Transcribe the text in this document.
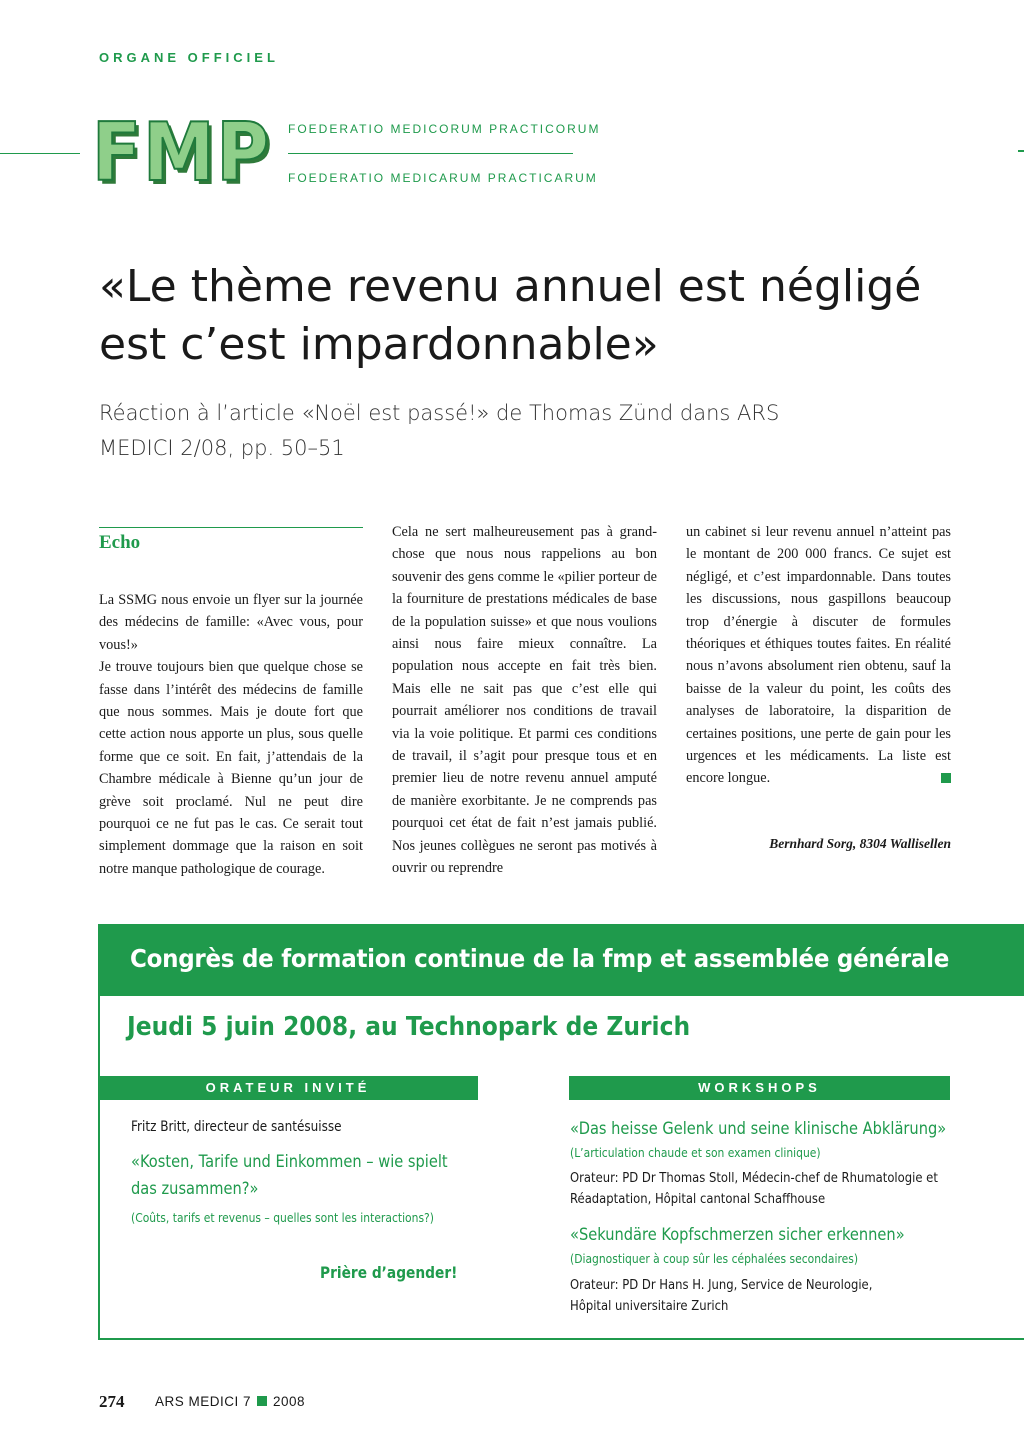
ORGANE OFFICIEL
FMP FOEDERATIO MEDICORUM PRACTICORUM
FOEDERATIO MEDICARUM PRACTICARUM
«Le thème revenu annuel est négligé est c’est impardonnable»
Réaction à l’article «Noël est passé!» de Thomas Zünd dans ARS MEDICI 2/08, pp. 50–51
Echo

La SSMG nous envoie un flyer sur la journée des médecins de famille: «Avec vous, pour vous!»

Je trouve toujours bien que quelque chose se fasse dans l’intérêt des médecins de famille que nous sommes. Mais je doute fort que cette action nous apporte un plus, sous quelle forme que ce soit. En fait, j’attendais de la Chambre médicale à Bienne qu’un jour de grève soit proclamé. Nul ne peut dire pourquoi ce ne fut pas le cas. Ce serait tout simplement dommage que la raison en soit notre manque pathologique de courage.

Cela ne sert malheureusement pas à grand-chose que nous nous rappelions au bon souvenir des gens comme le «pilier porteur de la fourniture de prestations médicales de base de la population suisse» et que nous voulions ainsi nous faire mieux connaître. La population nous accepte en fait très bien. Mais elle ne sait pas que c’est elle qui pourrait améliorer nos conditions de travail via la voie politique. Et parmi ces conditions de travail, il s’agit pour presque tous et en premier lieu de notre revenu annuel amputé de manière exorbitante. Je ne comprends pas pourquoi cet état de fait n’est jamais publié. Nos jeunes collègues ne seront pas motivés à ouvrir ou reprendre

un cabinet si leur revenu annuel n’atteint pas le montant de 200 000 francs. Ce sujet est négligé, et c’est impardonnable. Dans toutes les discussions, nous gaspillons beaucoup trop d’énergie à discuter de formules théoriques et éthiques toutes faites. En réalité nous n’avons absolument rien obtenu, sauf la baisse de la valeur du point, les coûts des analyses de laboratoire, la disparition de certaines positions, une perte de gain pour les urgences et les médicaments. La liste est encore longue.

Bernhard Sorg, 8304 Wallisellen
Congrès de formation continue de la fmp et assemblée générale
Jeudi 5 juin 2008, au Technopark de Zurich
ORATEUR INVITÉ	WORKSHOPS
Fritz Britt, directeur de santésuisse
«Kosten, Tarife und Einkommen – wie spielt
das zusammen?»
(Coûts, tarifs et revenus – quelles sont les interactions?)
Prière d’agender!
«Das heisse Gelenk und seine klinische Abklärung»
(L’articulation chaude et son examen clinique)
Orateur: PD Dr Thomas Stoll, Médecin-chef de Rhumatologie et
Réadaptation, Hôpital cantonal Schaffhouse
«Sekundäre Kopfschmerzen sicher erkennen»
(Diagnostiquer à coup sûr les céphalées secondaires)
Orateur: PD Dr Hans H. Jung, Service de Neurologie,
Hôpital universitaire Zurich
274 ARS MEDICI 7 2008
